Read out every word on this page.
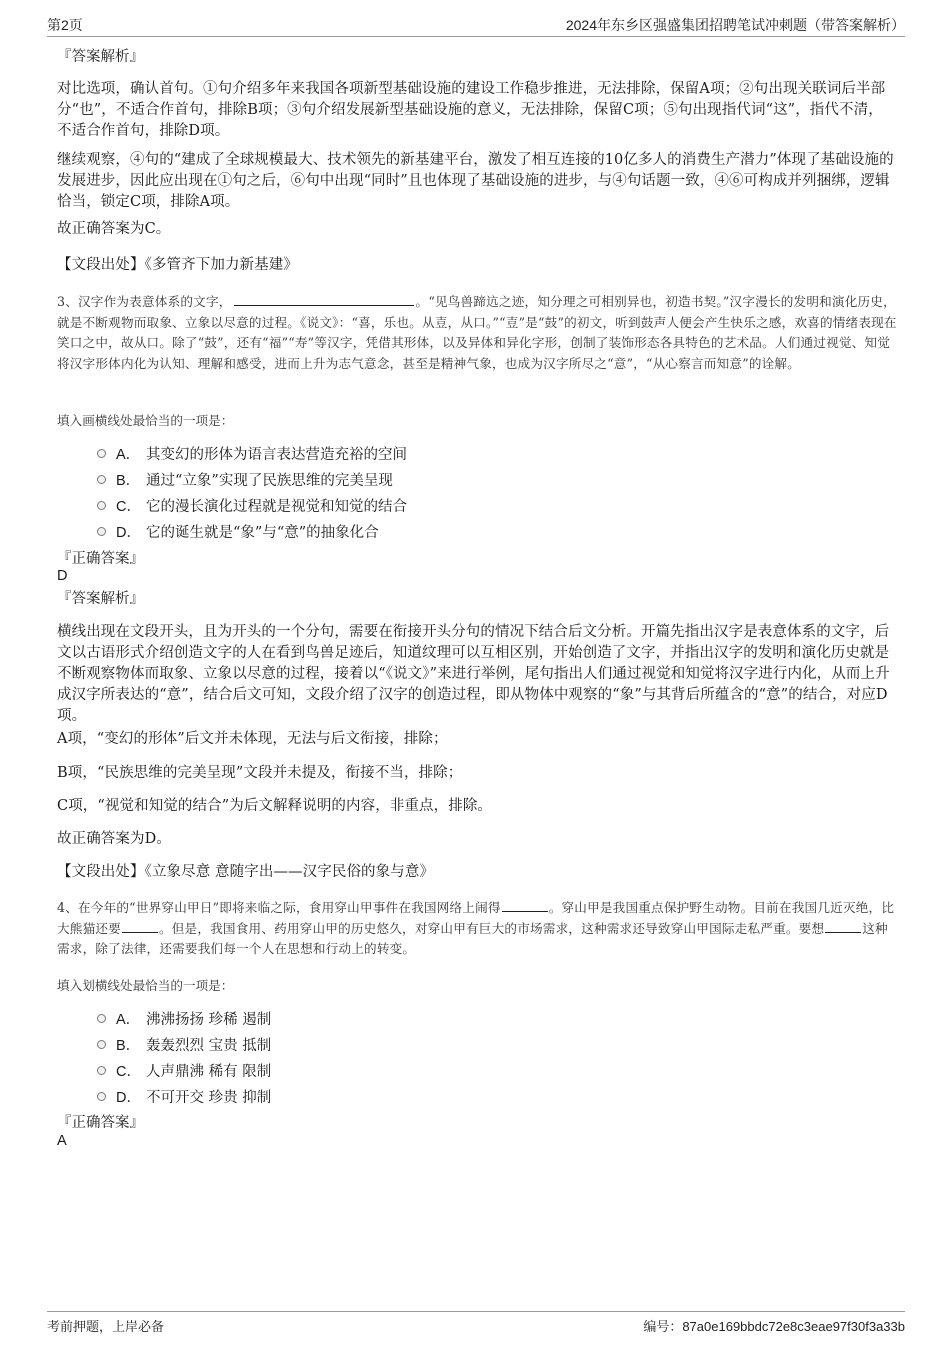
第2页	2024年东乡区强盛集团招聘笔试冲刺题（带答案解析）
『答案解析』
对比选项，确认首句。①句介绍多年来我国各项新型基础设施的建设工作稳步推进，无法排除，保留A项；②句出现关联词后半部分“也”，不适合作首句，排除B项；③句介绍发展新型基础设施的意义，无法排除，保留C项；⑤句出现指代词“这”，指代不清，不适合作首句，排除D项。
继续观察，④句的“建成了全球规模最大、技术领先的新基建平台，激发了相互连接的10亿多人的消费生产潜力”体现了基础设施的发展进步，因此应出现在①句之后，⑥句中出现“同时”且也体现了基础设施的进步，与④句话题一致，④⑥可构成并列捆绑，逻辑恰当，锁定C项，排除A项。
故正确答案为C。
【文段出处】《多管齐下加力新基建》
3、汉字作为表意体系的文字，	。“见鸟兽蹄迒之迹，知分理之可相别异也，初造书契。”汉字漫长的发明和演化历史，就是不断观物而取象、立象以尽意的过程。《说文》：“喜，乐也。从壴，从口。”“壴”是“鼓”的初文，听到鼓声人便会产生快乐之感，欢喜的情绪表现在笑口之中，故从口。除了“鼓”，还有“福”“寿”等汉字，凭借其形体，以及异体和异化字形，创制了装饰形态各具特色的艺术品。人们通过视觉、知觉将汉字形体内化为认知、理解和感受，进而上升为志气意念，甚至是精神气象，也成为汉字所尽之“意”，“从心察言而知意”的诠解。
填入画横线处最恰当的一项是：
A． 其变幻的形体为语言表达营造充裕的空间
B． 通过“立象”实现了民族思维的完美呈现
C． 它的漫长演化过程就是视觉和知觉的结合
D． 它的诞生就是“象”与“意”的抽象化合
『正确答案』
D
『答案解析』
横线出现在文段开头，且为开头的一个分句，需要在衔接开头分句的情况下结合后文分析。开篇先指出汉字是表意体系的文字，后文以古语形式介绍创造文字的人在看到鸟兽足迹后，知道纹理可以互相区别，开始创造了文字，并指出汉字的发明和演化历史就是不断观察物体而取象、立象以尽意的过程，接着以“《说文》”来进行举例，尾句指出人们通过视觉和知觉将汉字进行内化，从而上升成汉字所表达的“意”，结合后文可知，文段介绍了汉字的创造过程，即从物体中观察的“象”与其背后所蕴含的“意”的结合，对应D项。
A项，“变幻的形体”后文并未体现，无法与后文衔接，排除；
B项，“民族思维的完美呈现”文段并未提及，衔接不当，排除；
C项，“视觉和知觉的结合”为后文解释说明的内容，非重点，排除。
故正确答案为D。
【文段出处】《立象尽意 意随字出——汉字民俗的象与意》
4、在今年的“世界穿山甲日”即将来临之际，食用穿山甲事件在我国网络上闹得	。穿山甲是我国重点保护野生动物。目前在我国几近灭绝，比大熊猫还要	。但是，我国食用、药用穿山甲的历史悠久，对穿山甲有巨大的市场需求，这种需求还导致穿山甲国际走私严重。要想	这种需求，除了法律，还需要我们每一个人在思想和行动上的转变。
填入划横线处最恰当的一项是：
A． 沸沸扬扬 珍稀 遏制
B． 轰轰烈烈 宝贵 抵制
C． 人声鼎沸 稀有 限制
D． 不可开交 珍贵 抑制
『正确答案』
A
考前押题，上岸必备	编号：87a0e169bbdc72e8c3eae97f30f3a33b
